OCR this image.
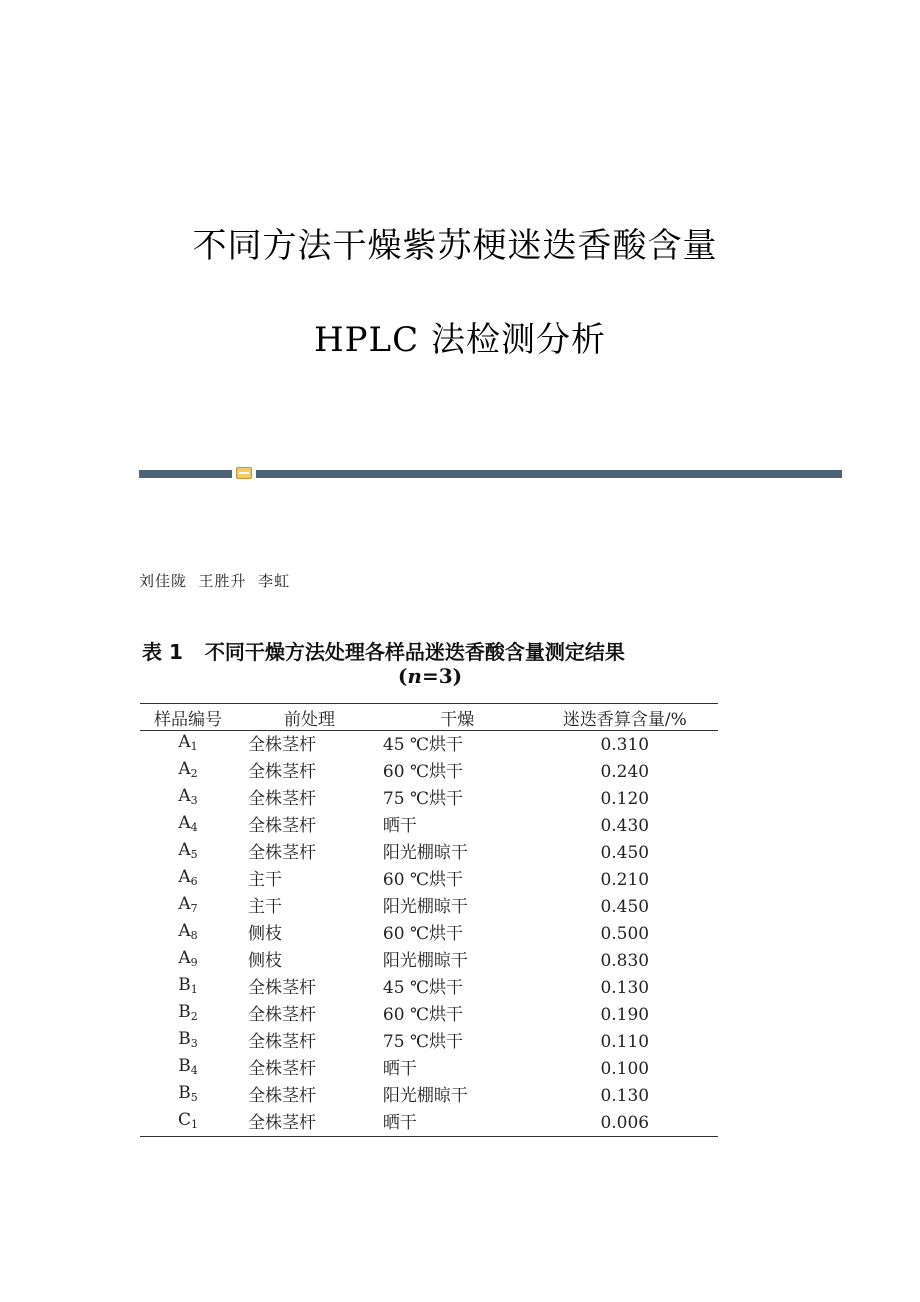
不同方法干燥紫苏梗迷迭香酸含量
HPLC 法检测分析
刘佳陇  王胜升  李虹
表 1 不同干燥方法处理各样品迷迭香酸含量测定结果
(n=3)
样品编号	前处理	干燥	迷迭香算含量/%
$A_1$	全株茎杆	45 ℃烘干	0.310
$A_2$	全株茎杆	60 ℃烘干	0.240
$A_3$	全株茎杆	75 ℃烘干	0.120
$A_4$	全株茎杆	晒干	0.430
$A_5$	全株茎杆	阳光棚晾干	0.450
$A_6$	主干	60 ℃烘干	0.210
$A_7$	主干	阳光棚晾干	0.450
$A_8$	侧枝	60 ℃烘干	0.500
$A_9$	侧枝	阳光棚晾干	0.830
$B_1$	全株茎杆	45 ℃烘干	0.130
$B_2$	全株茎杆	60 ℃烘干	0.190
$B_3$	全株茎杆	75 ℃烘干	0.110
$B_4$	全株茎杆	晒干	0.100
$B_5$	全株茎杆	阳光棚晾干	0.130
$C_1$	全株茎杆	晒干	0.006
